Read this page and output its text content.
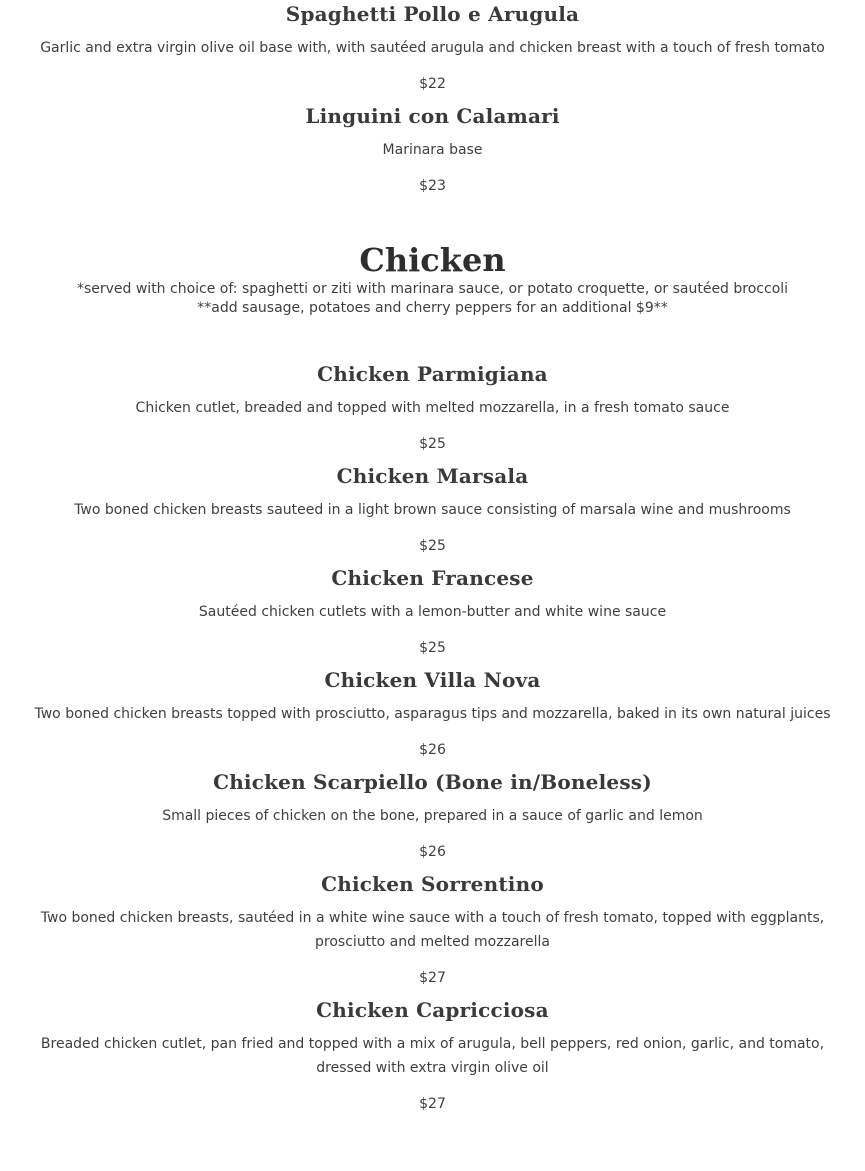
Spaghetti Pollo e Arugula

Garlic and extra virgin olive oil base with, with sautéed arugula and chicken breast with a touch of fresh tomato

$22
Linguini con Calamari

Marinara base

$23
Chicken

*served with choice of: spaghetti or ziti with marinara sauce, or potato croquette, or sautéed broccoli

**add sausage, potatoes and cherry peppers for an additional $9**

Chicken Parmigiana

Chicken cutlet, breaded and topped with melted mozzarella, in a fresh tomato sauce

$25
Chicken Marsala

Two boned chicken breasts sauteed in a light brown sauce consisting of marsala wine and mushrooms

$25
Chicken Francese

Sautéed chicken cutlets with a lemon-butter and white wine sauce

$25
Chicken Villa Nova

Two boned chicken breasts topped with prosciutto, asparagus tips and mozzarella, baked in its own natural juices

$26
Chicken Scarpiello (Bone in/Boneless)

Small pieces of chicken on the bone, prepared in a sauce of garlic and lemon

$26
Chicken Sorrentino

Two boned chicken breasts, sautéed in a white wine sauce with a touch of fresh tomato, topped with eggplants, prosciutto and melted mozzarella

$27
Chicken Capricciosa

Breaded chicken cutlet, pan fried and topped with a mix of arugula, bell peppers, red onion, garlic, and tomato, dressed with extra virgin olive oil

$27
